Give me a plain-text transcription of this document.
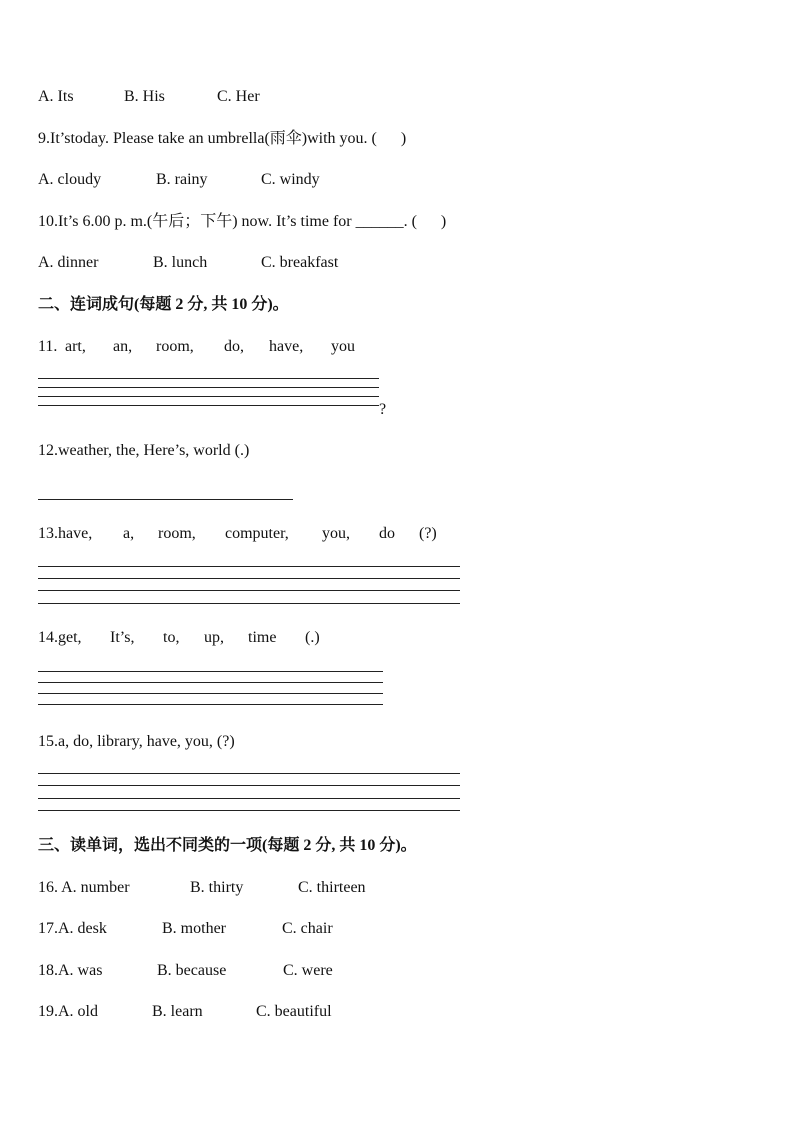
A. Its

	B. His

	C. Her

9.It’stoday. Please take an umbrella(雨伞)with you. (      )

A. cloudy

	B. rainy

	C. windy

10.It’s 6.00 p. m.(午后；下午) now. It’s time for ______. (      )

A. dinner

	B. lunch

	C. breakfast

二、连词成句(每题 2 分, 共 10 分)。

11.

art,

an,

room,

do,

have,

you

?
12.weather, the, Here’s, world (.)

13.have,

a,

room,

computer,

you,

do

(?)

14.get,

It’s,

to,

up,

time

(.)

15.a, do, library, have, you, (?)
三、读单词，选出不同类的一项(每题 2 分, 共 10 分)。

16. A. number

	B. thirty

	C. thirteen

17.A. desk

	B. mother

	C. chair

18.A. was

	B. because

	C. were

19.A. old

	B. learn

	C. beautiful
